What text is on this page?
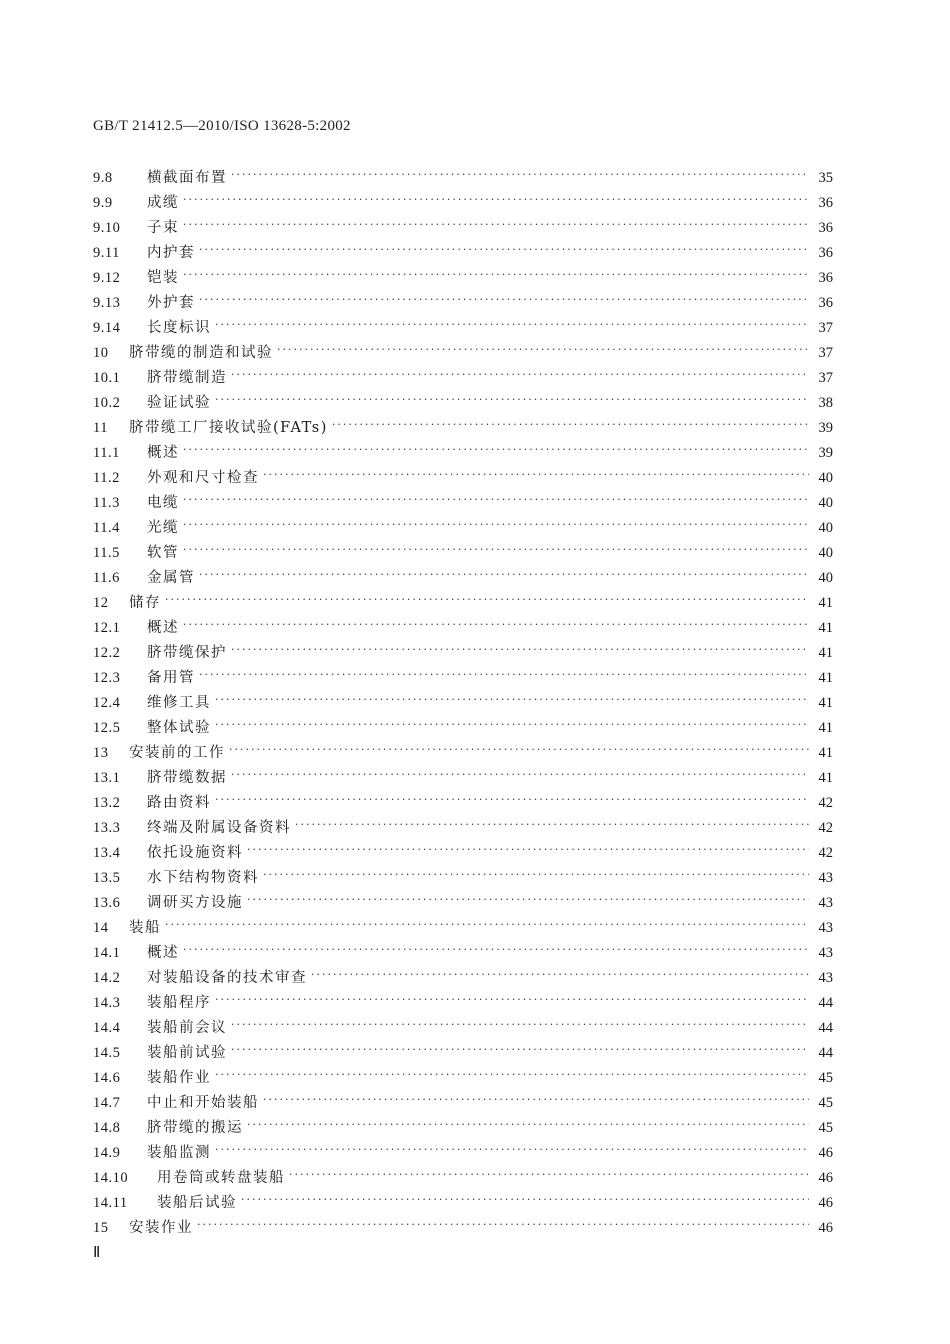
GB/T 21412.5—2010/ISO 13628-5:2002
9.8	横截面布置 ·····	35
9.9	成缆 ·····	36
9.10	子束 ·····	36
9.11	内护套 ·····	36
9.12	铠装 ·····	36
9.13	外护套 ·····	36
9.14	长度标识 ·····	37
10	脐带缆的制造和试验 ·····	37
10.1	脐带缆制造 ·····	37
10.2	验证试验 ·····	38
11	脐带缆工厂接收试验(FATs) ·····	39
11.1	概述 ·····	39
11.2	外观和尺寸检查 ·····	40
11.3	电缆 ·····	40
11.4	光缆 ·····	40
11.5	软管 ·····	40
11.6	金属管 ·····	40
12	储存 ·····	41
12.1	概述 ·····	41
12.2	脐带缆保护 ·····	41
12.3	备用管 ·····	41
12.4	维修工具 ·····	41
12.5	整体试验 ·····	41
13	安装前的工作 ·····	41
13.1	脐带缆数据 ·····	41
13.2	路由资料 ·····	42
13.3	终端及附属设备资料 ·····	42
13.4	依托设施资料 ·····	42
13.5	水下结构物资料 ·····	43
13.6	调研买方设施 ·····	43
14	装船 ·····	43
14.1	概述 ·····	43
14.2	对装船设备的技术审查 ·····	43
14.3	装船程序 ·····	44
14.4	装船前会议 ·····	44
14.5	装船前试验 ·····	44
14.6	装船作业 ·····	45
14.7	中止和开始装船 ·····	45
14.8	脐带缆的搬运 ·····	45
14.9	装船监测 ·····	46
14.10	用卷筒或转盘装船 ·····	46
14.11	装船后试验 ·····	46
15	安装作业 ·····	46
Ⅱ
